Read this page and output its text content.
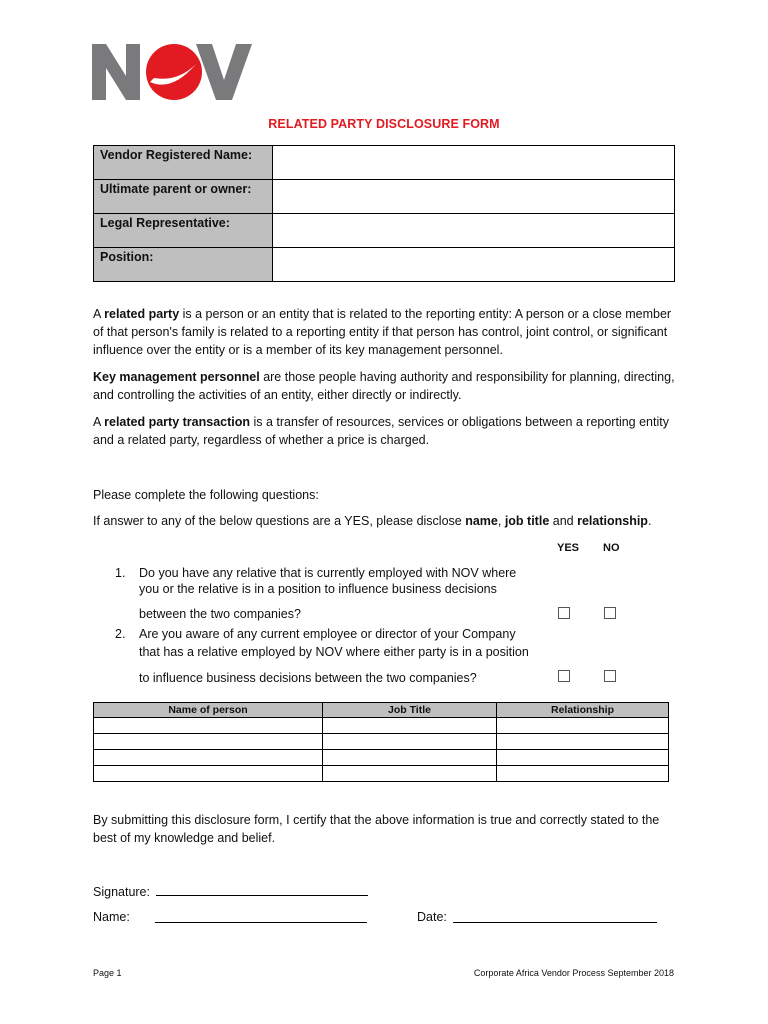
RELATED PARTY DISCLOSURE FORM
Vendor Registered Name:	
Ultimate parent or owner:	
Legal Representative:	
Position:	

A related party is a person or an entity that is related to the reporting entity: A person or a close member of that person's family is related to a reporting entity if that person has control, joint control, or significant influence over the entity or is a member of its key management personnel.

Key management personnel are those people having authority and responsibility for planning, directing, and controlling the activities of an entity, either directly or indirectly.

A related party transaction is a transfer of resources, services or obligations between a reporting entity and a related party, regardless of whether a price is charged.

Please complete the following questions:

If answer to any of the below questions are a YES, please disclose name, job title and relationship.

YES NO
1. Do you have any relative that is currently employed with NOV where
you or the relative is in a position to influence business decisions
between the two companies?
2. Are you aware of any current employee or director of your Company
that has a relative employed by NOV where either party is in a position
to influence business decisions between the two companies?
Name of person	Job Title	Relationship

By submitting this disclosure form, I certify that the above information is true and correctly stated to the best of my knowledge and belief.

Signature:
Name:	Date:
Page 1	Corporate Africa Vendor Process September 2018
